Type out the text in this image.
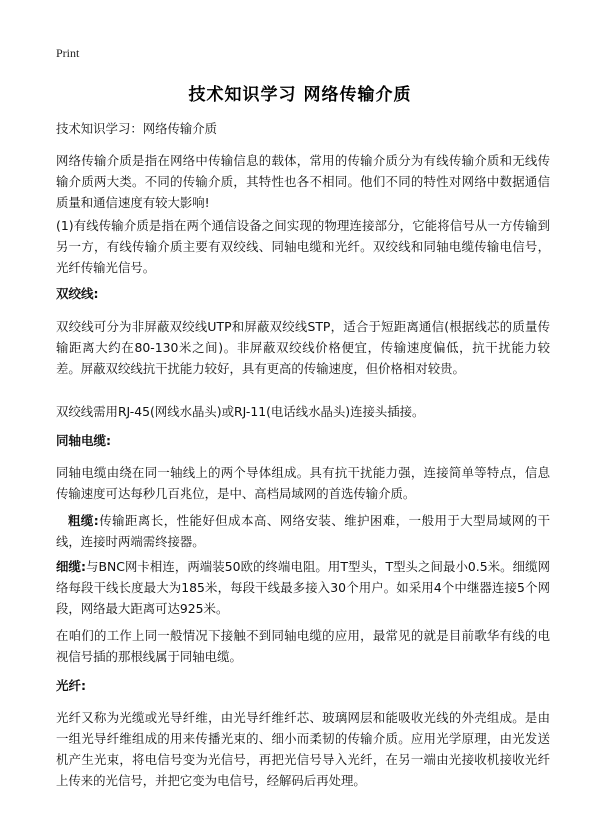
Print
技术知识学习 网络传输介质

技术知识学习：网络传输介质

网络传输介质是指在网络中传输信息的载体，常用的传输介质分为有线传输介质和无线传输介质两大类。不同的传输介质，其特性也各不相同。他们不同的特性对网络中数据通信质量和通信速度有较大影响!

(1)有线传输介质是指在两个通信设备之间实现的物理连接部分，它能将信号从一方传输到另一方，有线传输介质主要有双绞线、同轴电缆和光纤。双绞线和同轴电缆传输电信号，光纤传输光信号。

双绞线:

双绞线可分为非屏蔽双绞线UTP和屏蔽双绞线STP，适合于短距离通信(根据线芯的质量传输距离大约在80-130米之间)。非屏蔽双绞线价格便宜，传输速度偏低，抗干扰能力较差。屏蔽双绞线抗干扰能力较好，具有更高的传输速度，但价格相对较贵。

双绞线需用RJ-45(网线水晶头)或RJ-11(电话线水晶头)连接头插接。

同轴电缆:

同轴电缆由绕在同一轴线上的两个导体组成。具有抗干扰能力强，连接简单等特点，信息传输速度可达每秒几百兆位，是中、高档局域网的首选传输介质。

粗缆:传输距离长，性能好但成本高、网络安装、维护困难，一般用于大型局域网的干线，连接时两端需终接器。

细缆:与BNC网卡相连，两端装50欧的终端电阻。用T型头，T型头之间最小0.5米。细缆网络每段干线长度最大为185米，每段干线最多接入30个用户。如采用4个中继器连接5个网段，网络最大距离可达925米。

在咱们的工作上同一般情况下接触不到同轴电缆的应用，最常见的就是目前歌华有线的电视信号插的那根线属于同轴电缆。

光纤:

光纤又称为光缆或光导纤维，由光导纤维纤芯、玻璃网层和能吸收光线的外壳组成。是由一组光导纤维组成的用来传播光束的、细小而柔韧的传输介质。应用光学原理，由光发送机产生光束，将电信号变为光信号，再把光信号导入光纤，在另一端由光接收机接收光纤上传来的光信号，并把它变为电信号，经解码后再处理。
